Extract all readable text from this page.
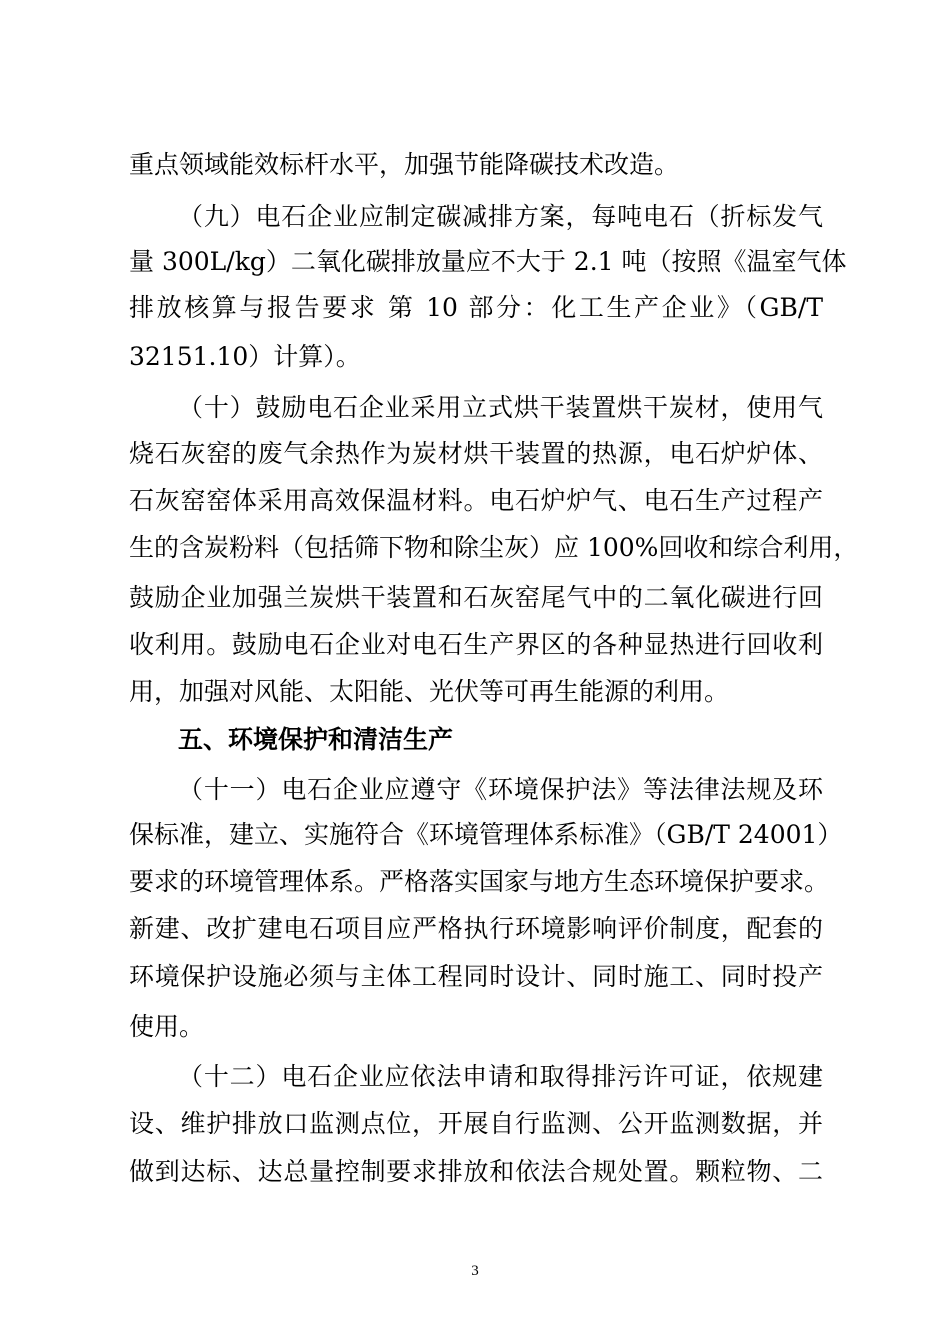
重点领域能效标杆水平，加强节能降碳技术改造。
（九）电石企业应制定碳减排方案，每吨电石（折标发气
量 300L/kg）二氧化碳排放量应不大于 2.1 吨（按照《温室气体
排放核算与报告要求 第 10 部分：化工生产企业》（GB/T
32151.10）计算）。
（十）鼓励电石企业采用立式烘干装置烘干炭材，使用气
烧石灰窑的废气余热作为炭材烘干装置的热源，电石炉炉体、
石灰窑窑体采用高效保温材料。电石炉炉气、电石生产过程产
生的含炭粉料（包括筛下物和除尘灰）应 100%回收和综合利用，
鼓励企业加强兰炭烘干装置和石灰窑尾气中的二氧化碳进行回
收利用。鼓励电石企业对电石生产界区的各种显热进行回收利
用，加强对风能、太阳能、光伏等可再生能源的利用。
五、环境保护和清洁生产
（十一）电石企业应遵守《环境保护法》等法律法规及环
保标准，建立、实施符合《环境管理体系标准》（GB/T 24001）
要求的环境管理体系。严格落实国家与地方生态环境保护要求。
新建、改扩建电石项目应严格执行环境影响评价制度，配套的
环境保护设施必须与主体工程同时设计、同时施工、同时投产
使用。
（十二）电石企业应依法申请和取得排污许可证，依规建
设、维护排放口监测点位，开展自行监测、公开监测数据，并
做到达标、达总量控制要求排放和依法合规处置。颗粒物、二
3
